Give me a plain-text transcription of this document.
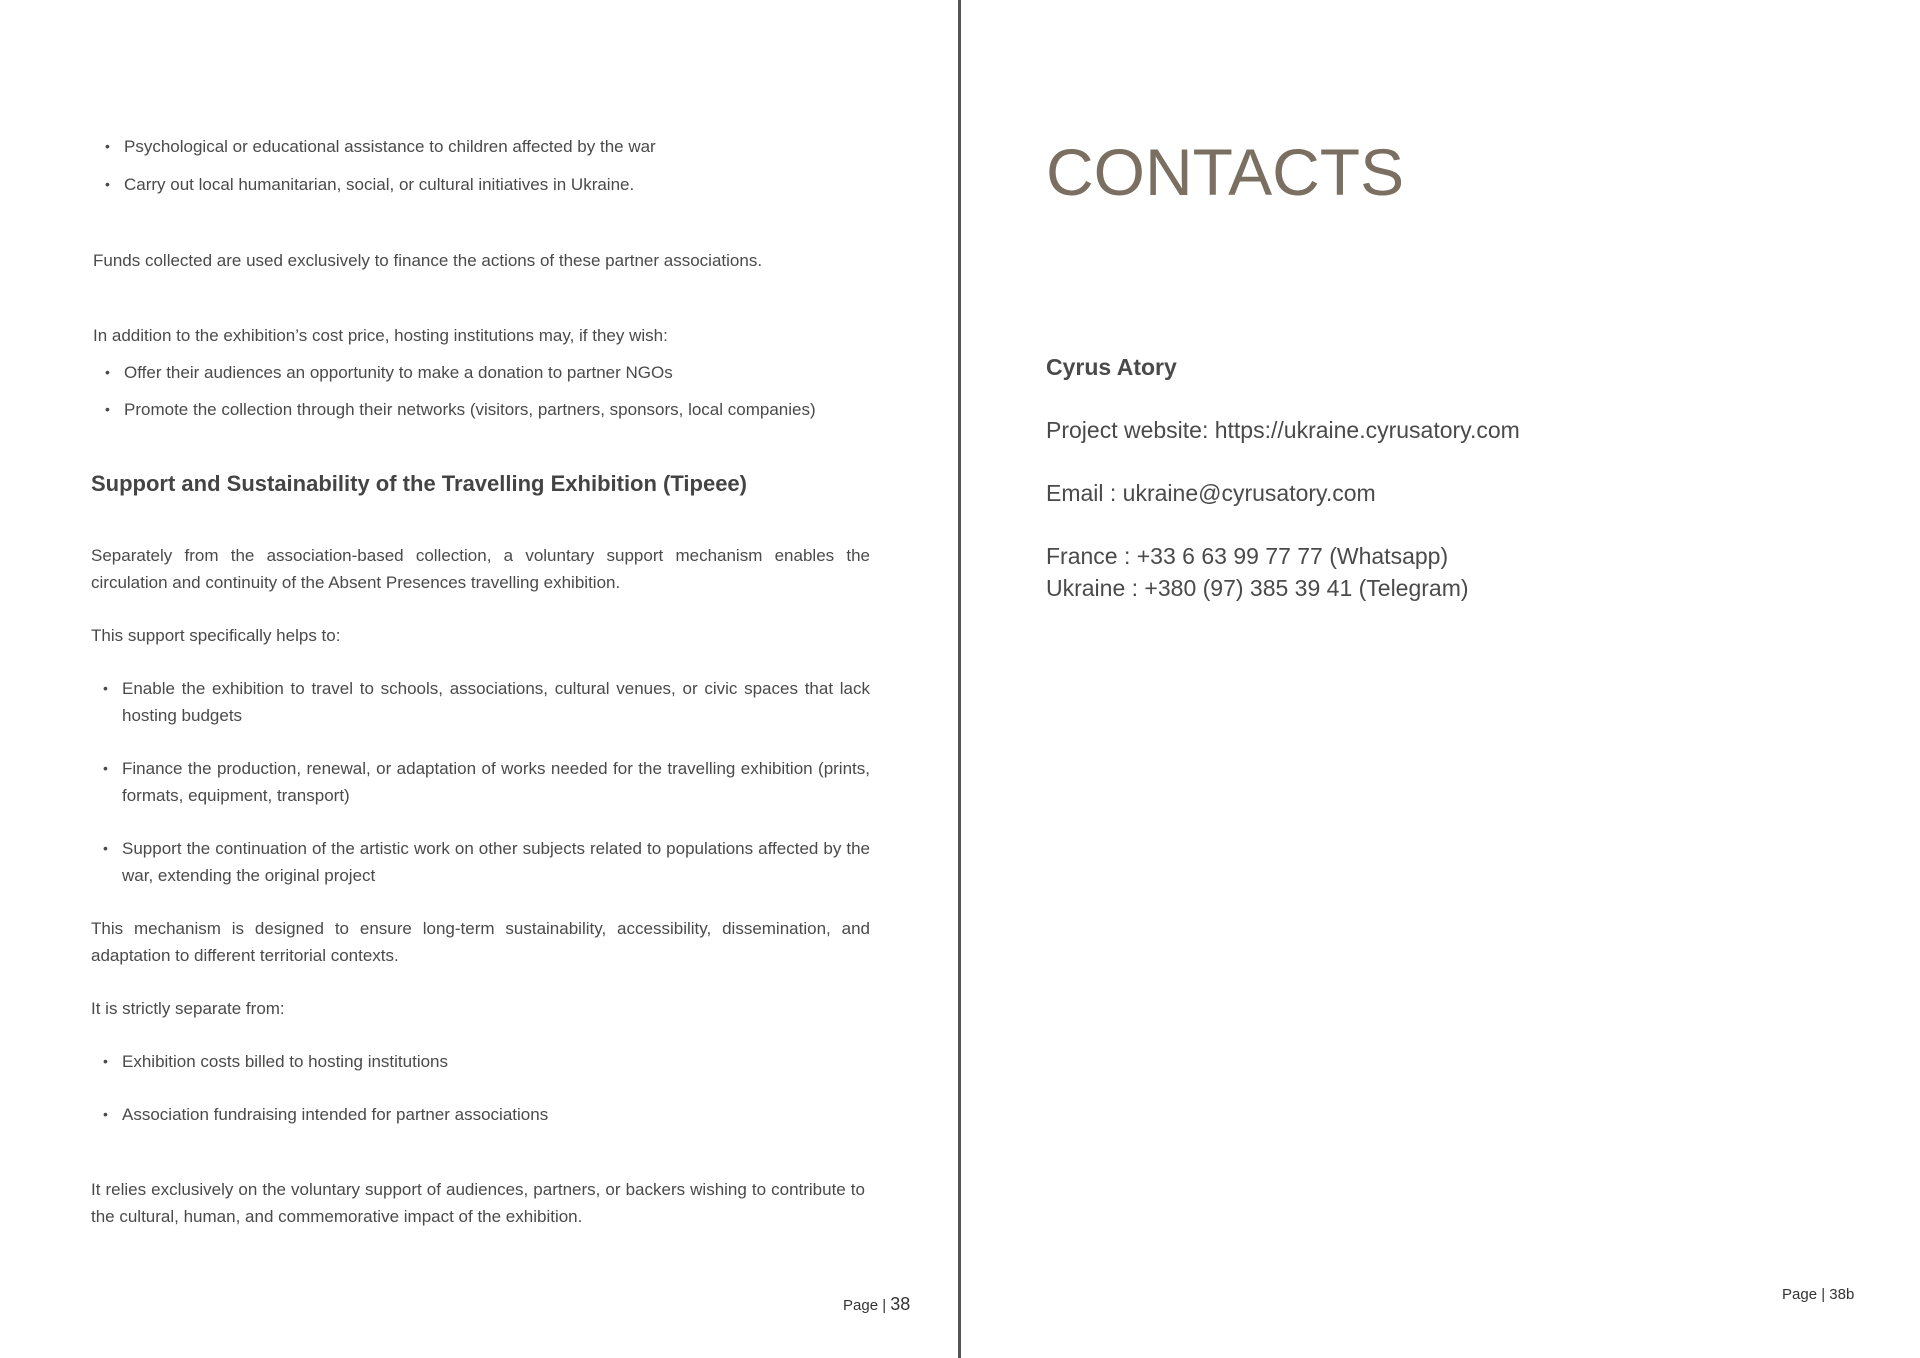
• Psychological or educational assistance to children affected by the war
• Carry out local humanitarian, social, or cultural initiatives in Ukraine.

Funds collected are used exclusively to finance the actions of these partner associations.

In addition to the exhibition’s cost price, hosting institutions may, if they wish:

• Offer their audiences an opportunity to make a donation to partner NGOs
• Promote the collection through their networks (visitors, partners, sponsors, local companies)
Support and Sustainability of the Travelling Exhibition (Tipeee)

Separately from the association-based collection, a voluntary support mechanism enables the circulation and continuity of the Absent Presences travelling exhibition.

This support specifically helps to:

• Enable the exhibition to travel to schools, associations, cultural venues, or civic spaces that lack hosting budgets
• Finance the production, renewal, or adaptation of works needed for the travelling exhibition (prints, formats, equipment, transport)
• Support the continuation of the artistic work on other subjects related to populations affected by the war, extending the original project

This mechanism is designed to ensure long-term sustainability, accessibility, dissemination, and adaptation to different territorial contexts.

It is strictly separate from:

• Exhibition costs billed to hosting institutions
• Association fundraising intended for partner associations

It relies exclusively on the voluntary support of audiences, partners, or backers wishing to contribute to the cultural, human, and commemorative impact of the exhibition.

Page | 38
CONTACTS
Cyrus Atory
Project website: https://ukraine.cyrusatory.com
Email : ukraine@cyrusatory.com
France : +33 6 63 99 77 77 (Whatsapp)
Ukraine : +380 (97) 385 39 41 (Telegram)
Page | 38b
